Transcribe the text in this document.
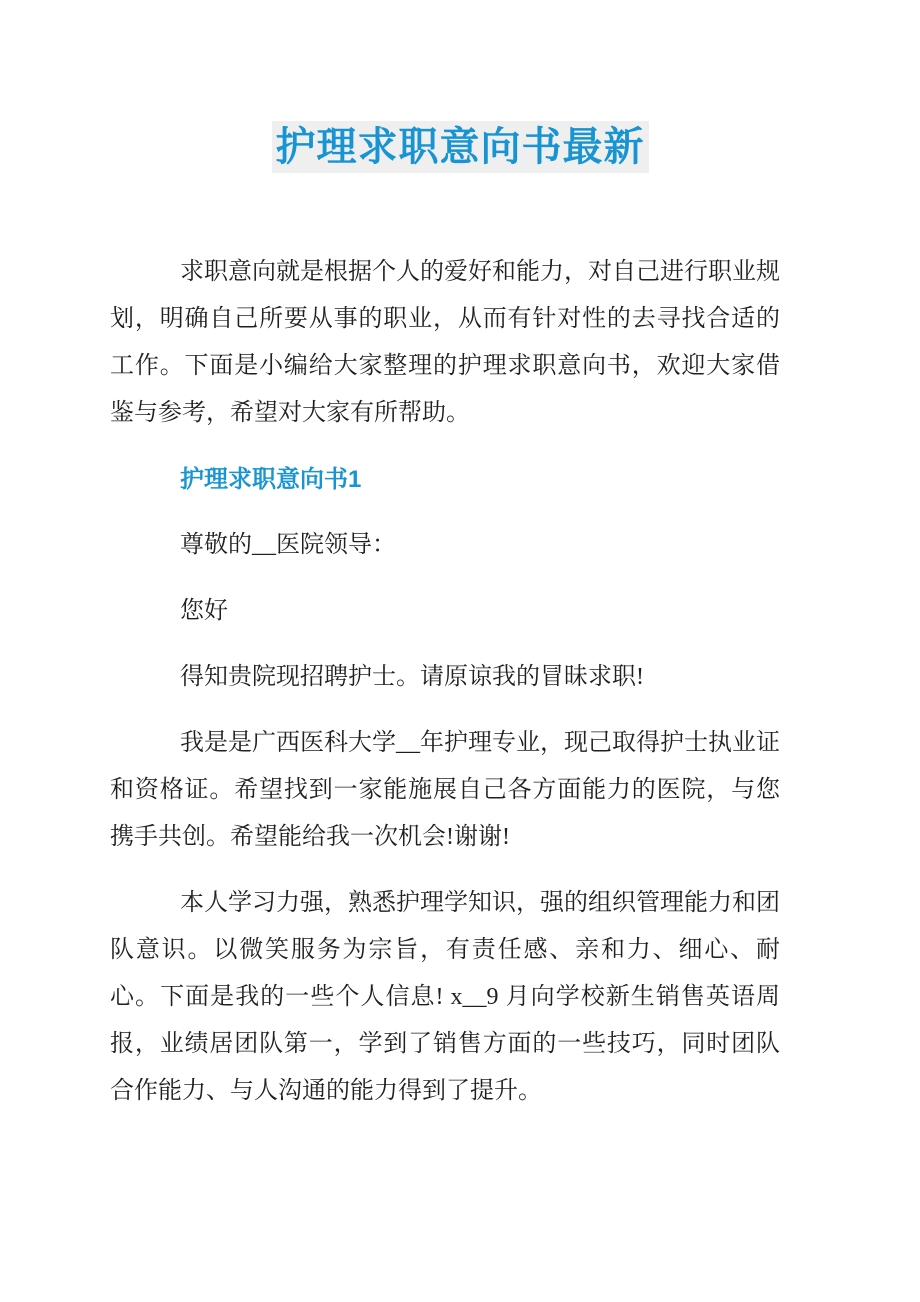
护理求职意向书最新

求职意向就是根据个人的爱好和能力，对自己进行职业规划，明确自己所要从事的职业，从而有针对性的去寻找合适的工作。下面是小编给大家整理的护理求职意向书，欢迎大家借鉴与参考，希望对大家有所帮助。

护理求职意向书1

尊敬的__医院领导：

您好

得知贵院现招聘护士。请原谅我的冒昧求职!

我是是广西医科大学__年护理专业，现己取得护士执业证和资格证。希望找到一家能施展自己各方面能力的医院，与您携手共创。希望能给我一次机会!谢谢!

本人学习力强，熟悉护理学知识，强的组织管理能力和团队意识。以微笑服务为宗旨，有责任感、亲和力、细心、耐心。下面是我的一些个人信息! x__9 月向学校新生销售英语周报，业绩居团队第一，学到了销售方面的一些技巧，同时团队合作能力、与人沟通的能力得到了提升。
